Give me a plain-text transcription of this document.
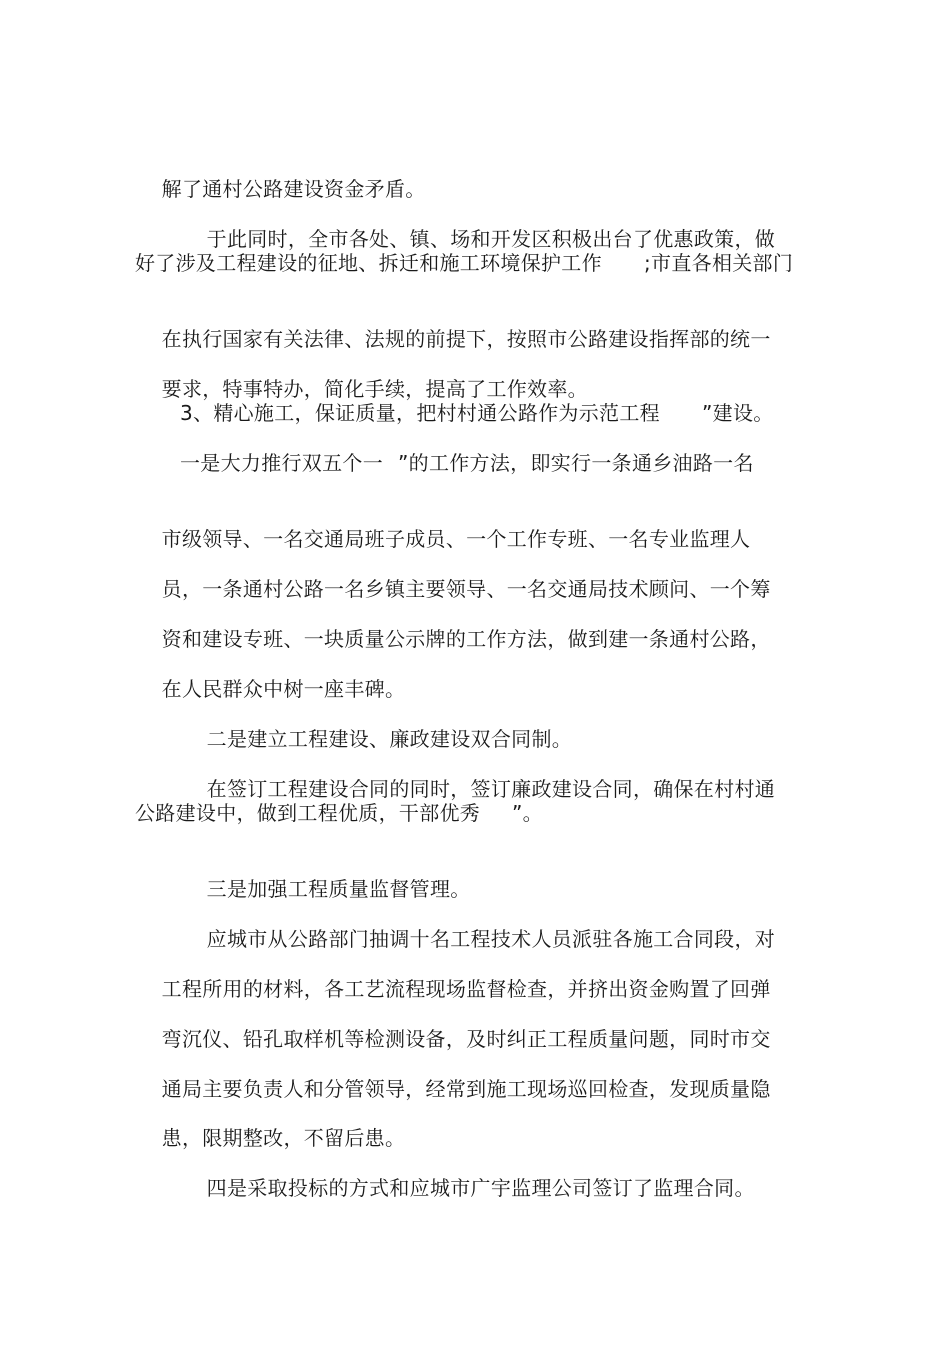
解了通村公路建设资金矛盾。

于此同时，全市各处、镇、场和开发区积极出台了优惠政策，做

好了涉及工程建设的征地、拆迁和施工环境保护工作

;市直各相关部门

在执行国家有关法律、法规的前提下，按照市公路建设指挥部的统一

要求，特事特办，简化手续，提高了工作效率。

3、精心施工，保证质量，把村村通公路作为示范工程

”建设。

一是大力推行双五个一

”的工作方法，即实行一条通乡油路一名

市级领导、一名交通局班子成员、一个工作专班、一名专业监理人

员，一条通村公路一名乡镇主要领导、一名交通局技术顾问、一个筹

资和建设专班、一块质量公示牌的工作方法，做到建一条通村公路，

在人民群众中树一座丰碑。

二是建立工程建设、廉政建设双合同制。

在签订工程建设合同的同时，签订廉政建设合同，确保在村村通

公路建设中，做到工程优质，干部优秀

”。

三是加强工程质量监督管理。

应城市从公路部门抽调十名工程技术人员派驻各施工合同段，对

工程所用的材料，各工艺流程现场监督检查，并挤出资金购置了回弹

弯沉仪、铅孔取样机等检测设备，及时纠正工程质量问题，同时市交

通局主要负责人和分管领导，经常到施工现场巡回检查，发现质量隐

患，限期整改，不留后患。

四是采取投标的方式和应城市广宇监理公司签订了监理合同。
